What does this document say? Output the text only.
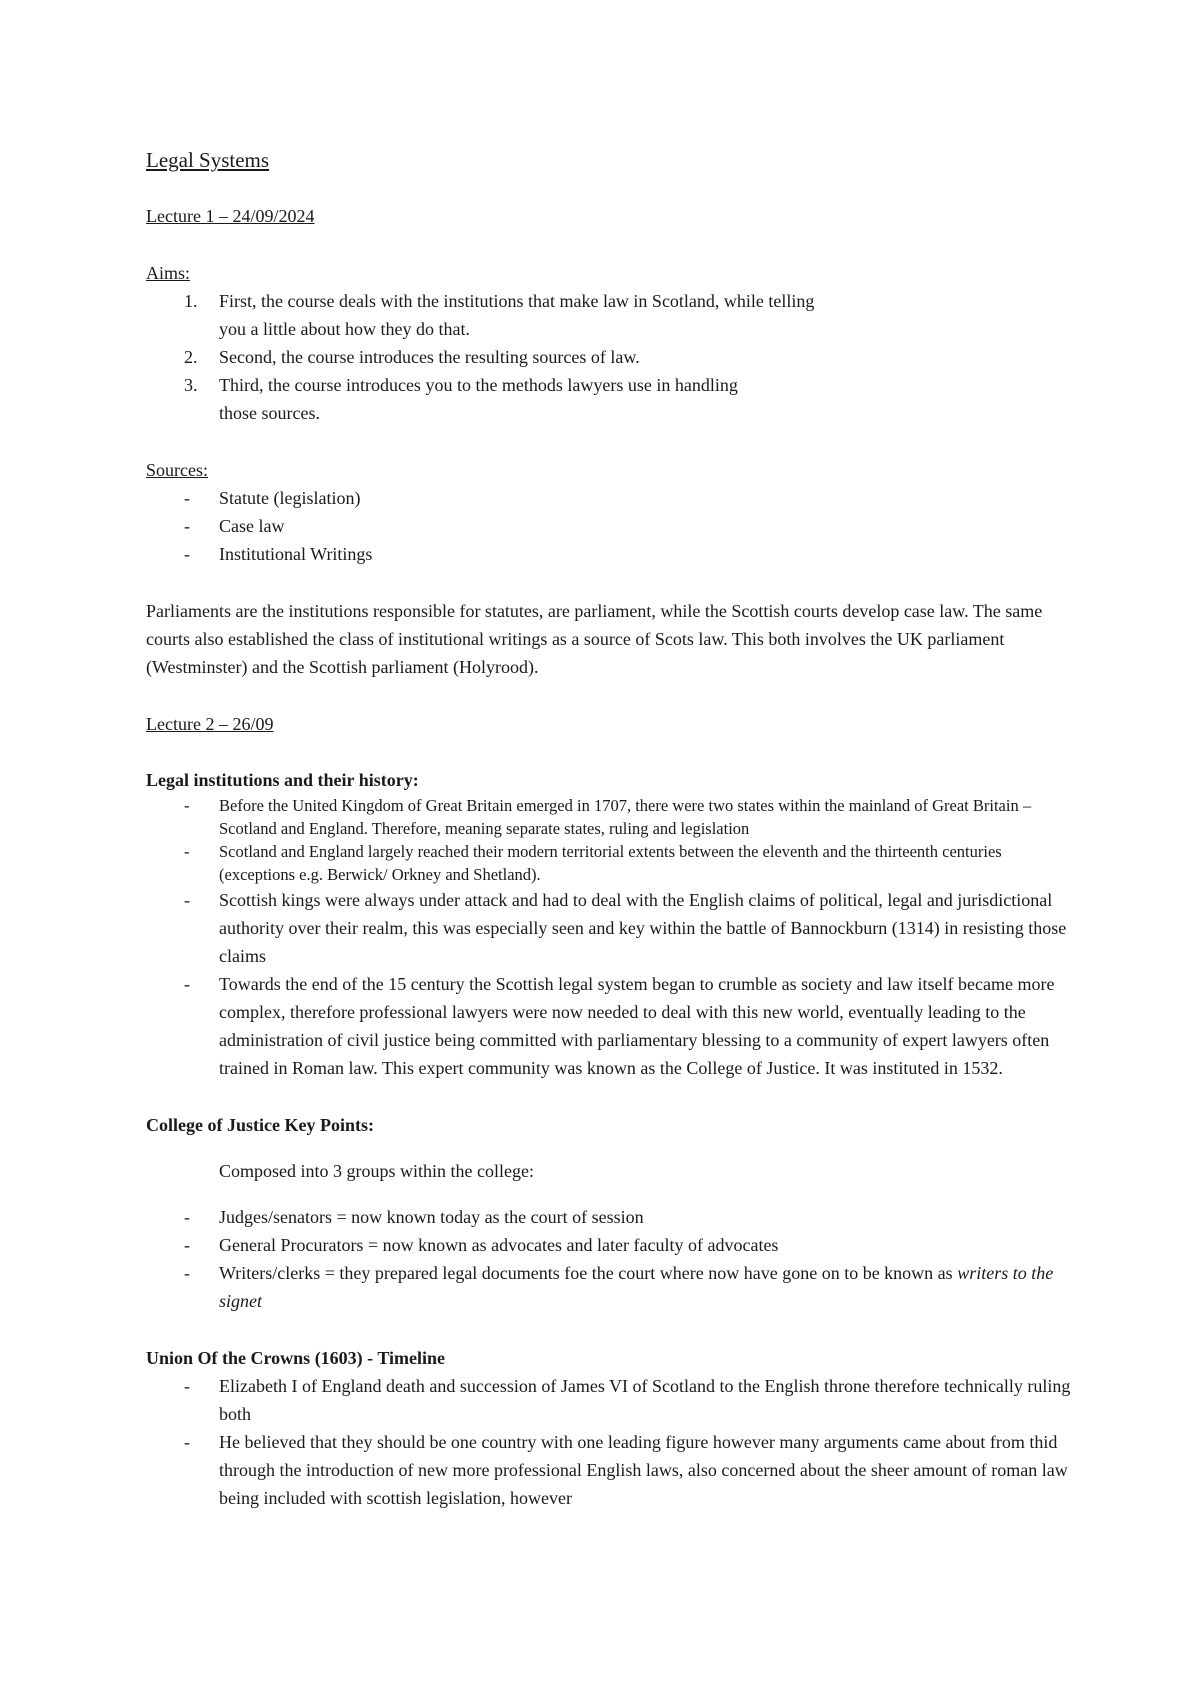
Legal Systems

Lecture 1 – 24/09/2024

Aims:

1.	First, the course deals with the institutions that make law in Scotland, while telling you a little about how they do that.
2.	Second, the course introduces the resulting sources of law.
3.	Third, the course introduces you to the methods lawyers use in handling those sources.

Sources:

-	Statute (legislation)
-	Case law
-	Institutional Writings

Parliaments are the institutions responsible for statutes, are parliament, while the Scottish courts develop case law. The same courts also established the class of institutional writings as a source of Scots law. This both involves the UK parliament (Westminster) and the Scottish parliament (Holyrood).

Lecture 2 – 26/09

Legal institutions and their history:

-	Before the United Kingdom of Great Britain emerged in 1707, there were two states within the mainland of Great Britain – Scotland and England. Therefore, meaning separate states, ruling and legislation
-	Scotland and England largely reached their modern territorial extents between the eleventh and the thirteenth centuries (exceptions e.g. Berwick/ Orkney and Shetland).
-	Scottish kings were always under attack and had to deal with the English claims of political, legal and jurisdictional authority over their realm, this was especially seen and key within the battle of Bannockburn (1314) in resisting those claims
-	Towards the end of the 15 century the Scottish legal system began to crumble as society and law itself became more complex, therefore professional lawyers were now needed to deal with this new world, eventually leading to the administration of civil justice being committed with parliamentary blessing to a community of expert lawyers often trained in Roman law. This expert community was known as the College of Justice. It was instituted in 1532.

College of Justice Key Points:

Composed into 3 groups within the college:

-	Judges/senators = now known today as the court of session
-	General Procurators = now known as advocates and later faculty of advocates
-	Writers/clerks = they prepared legal documents foe the court where now have gone on to be known as writers to the signet

Union Of the Crowns (1603) - Timeline

-	Elizabeth I of England death and succession of James VI of Scotland to the English throne therefore technically ruling both
-	He believed that they should be one country with one leading figure however many arguments came about from thid through the introduction of new more professional English laws, also concerned about the sheer amount of roman law being included with scottish legislation, however
